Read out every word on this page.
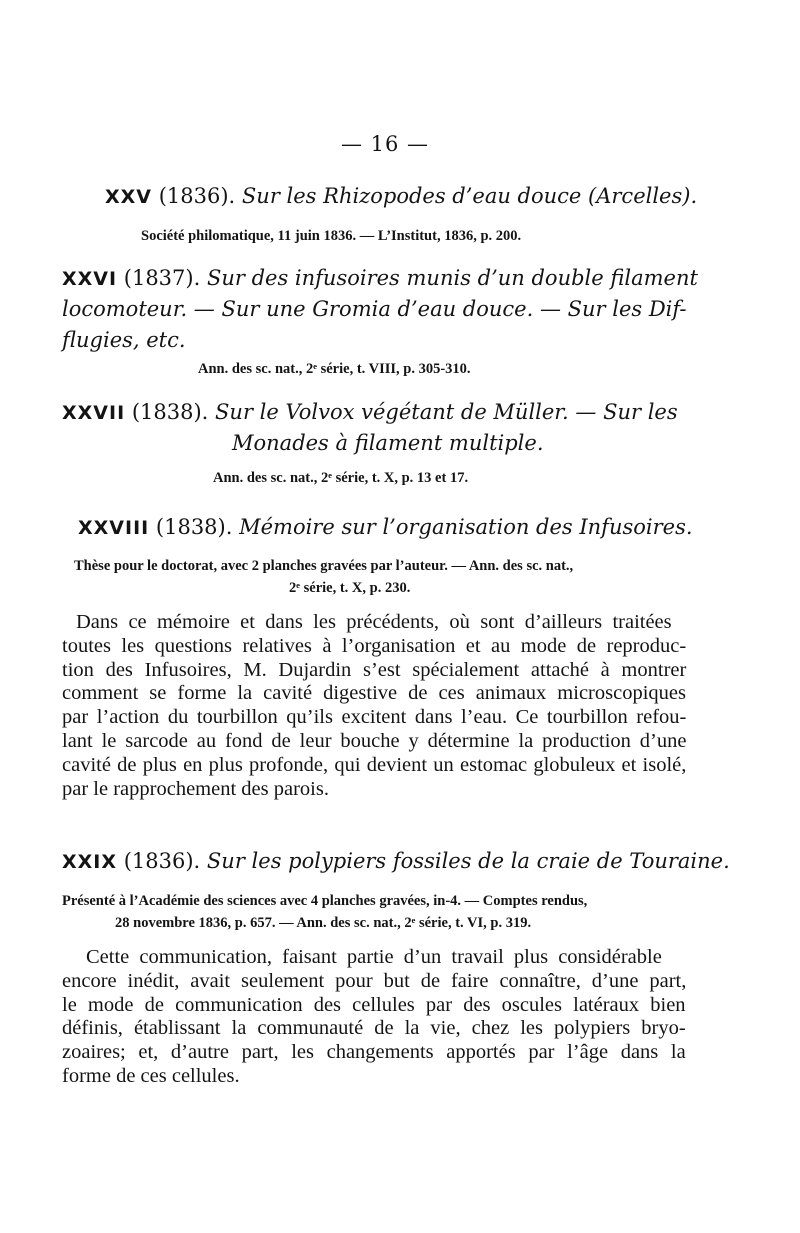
— 16 —
XXV (1836). Sur les Rhizopodes d’eau douce (Arcelles).
Société philomatique, 11 juin 1836. — L’Institut, 1836, p. 200.
XXVI (1837). Sur des infusoires munis d’un double filament
locomoteur. — Sur une Gromia d’eau douce. — Sur les Dif-
flugies, etc.
Ann. des sc. nat., 2ᵉ série, t. VIII, p. 305-310.
XXVII (1838). Sur le Volvox végétant de Müller. — Sur les
Monades à filament multiple.
Ann. des sc. nat., 2ᵉ série, t. X, p. 13 et 17.
XXVIII (1838). Mémoire sur l’organisation des Infusoires.
Thèse pour le doctorat, avec 2 planches gravées par l’auteur. — Ann. des sc. nat.,
2ᵉ série, t. X, p. 230.
Dans ce mémoire et dans les précédents, où sont d’ailleurs traitées
toutes les questions relatives à l’organisation et au mode de reproduc-
tion des Infusoires, M. Dujardin s’est spécialement attaché à montrer
comment se forme la cavité digestive de ces animaux microscopiques
par l’action du tourbillon qu’ils excitent dans l’eau. Ce tourbillon refou-
lant le sarcode au fond de leur bouche y détermine la production d’une
cavité de plus en plus profonde, qui devient un estomac globuleux et isolé,
par le rapprochement des parois.
XXIX (1836). Sur les polypiers fossiles de la craie de Touraine.
Présenté à l’Académie des sciences avec 4 planches gravées, in-4. — Comptes rendus,
28 novembre 1836, p. 657. — Ann. des sc. nat., 2ᵉ série, t. VI, p. 319.
Cette communication, faisant partie d’un travail plus considérable
encore inédit, avait seulement pour but de faire connaître, d’une part,
le mode de communication des cellules par des oscules latéraux bien
définis, établissant la communauté de la vie, chez les polypiers bryo-
zoaires; et, d’autre part, les changements apportés par l’âge dans la
forme de ces cellules.
